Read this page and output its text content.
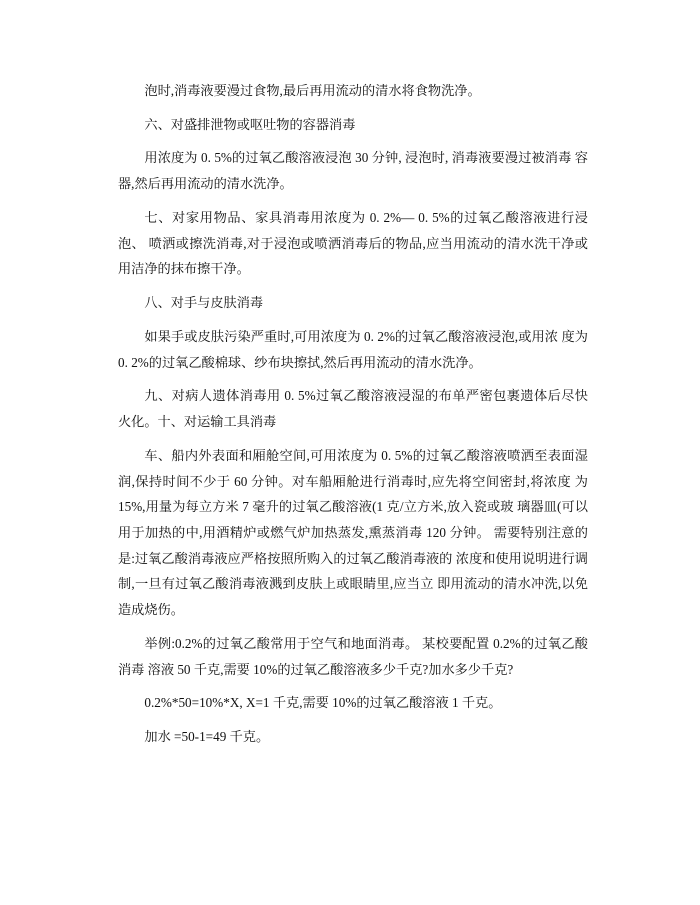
泡时,消毒液要漫过食物,最后再用流动的清水将食物洗净。

六、对盛排泄物或呕吐物的容器消毒

用浓度为 0. 5%的过氧乙酸溶液浸泡 30 分钟, 浸泡时, 消毒液要漫过被消毒 容器,然后再用流动的清水洗净。

七、对家用物品、家具消毒用浓度为 0. 2%— 0. 5%的过氧乙酸溶液进行浸泡、 喷洒或擦洗消毒,对于浸泡或喷洒消毒后的物品,应当用流动的清水洗干净或用洁净的抹布擦干净。

八、对手与皮肤消毒

如果手或皮肤污染严重时,可用浓度为 0. 2%的过氧乙酸溶液浸泡,或用浓 度为 0. 2%的过氧乙酸棉球、纱布块擦拭,然后再用流动的清水洗净。

九、对病人遗体消毒用 0. 5%过氧乙酸溶液浸湿的布单严密包裹遗体后尽快 火化。十、对运输工具消毒

车、船内外表面和厢舱空间,可用浓度为 0. 5%的过氧乙酸溶液喷洒至表面湿润,保持时间不少于 60 分钟。对车船厢舱进行消毒时,应先将空间密封,将浓度 为 15%,用量为每立方米 7 毫升的过氧乙酸溶液(1 克/立方米,放入瓷或玻 璃器皿(可以用于加热的中,用酒精炉或燃气炉加热蒸发,熏蒸消毒 120 分钟。 需要特别注意的是:过氧乙酸消毒液应严格按照所购入的过氧乙酸消毒液的 浓度和使用说明进行调制,一旦有过氧乙酸消毒液溅到皮肤上或眼睛里,应当立 即用流动的清水冲洗,以免造成烧伤。

举例:0.2%的过氧乙酸常用于空气和地面消毒。 某校要配置 0.2%的过氧乙酸消毒 溶液 50 千克,需要 10%的过氧乙酸溶液多少千克?加水多少千克?

0.2%*50=10%*X, X=1 千克,需要 10%的过氧乙酸溶液 1 千克。

加水 =50-1=49 千克。
